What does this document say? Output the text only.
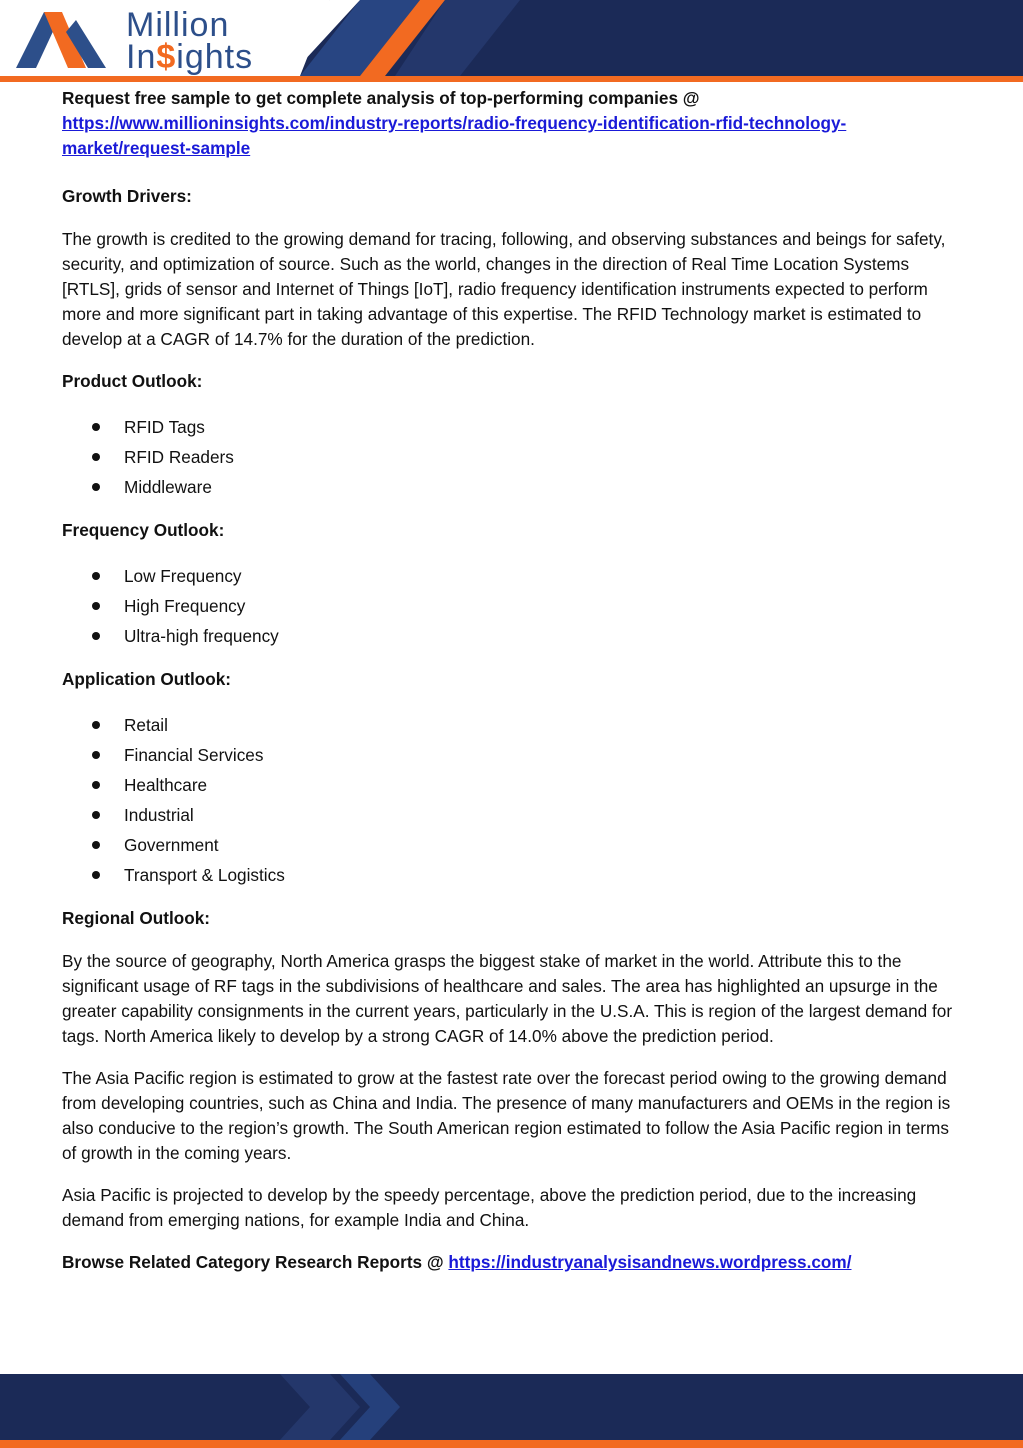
Million
In$ights

Request free sample to get complete analysis of top-performing companies @ https://www.millioninsights.com/industry-reports/radio-frequency-identification-rfid-technology-market/request-sample

Growth Drivers:

The growth is credited to the growing demand for tracing, following, and observing substances and beings for safety, security, and optimization of source. Such as the world, changes in the direction of Real Time Location Systems [RTLS], grids of sensor and Internet of Things [IoT], radio frequency identification instruments expected to perform more and more significant part in taking advantage of this expertise. The RFID Technology market is estimated to develop at a CAGR of 14.7% for the duration of the prediction.

Product Outlook:

RFID Tags
RFID Readers
Middleware

Frequency Outlook:

Low Frequency
High Frequency
Ultra-high frequency

Application Outlook:

Retail
Financial Services
Healthcare
Industrial
Government
Transport & Logistics

Regional Outlook:

By the source of geography, North America grasps the biggest stake of market in the world. Attribute this to the significant usage of RF tags in the subdivisions of healthcare and sales. The area has highlighted an upsurge in the greater capability consignments in the current years, particularly in the U.S.A. This is region of the largest demand for tags. North America likely to develop by a strong CAGR of 14.0% above the prediction period.

The Asia Pacific region is estimated to grow at the fastest rate over the forecast period owing to the growing demand from developing countries, such as China and India. The presence of many manufacturers and OEMs in the region is also conducive to the region’s growth. The South American region estimated to follow the Asia Pacific region in terms of growth in the coming years.

Asia Pacific is projected to develop by the speedy percentage, above the prediction period, due to the increasing demand from emerging nations, for example India and China.

Browse Related Category Research Reports @ https://industryanalysisandnews.wordpress.com/
